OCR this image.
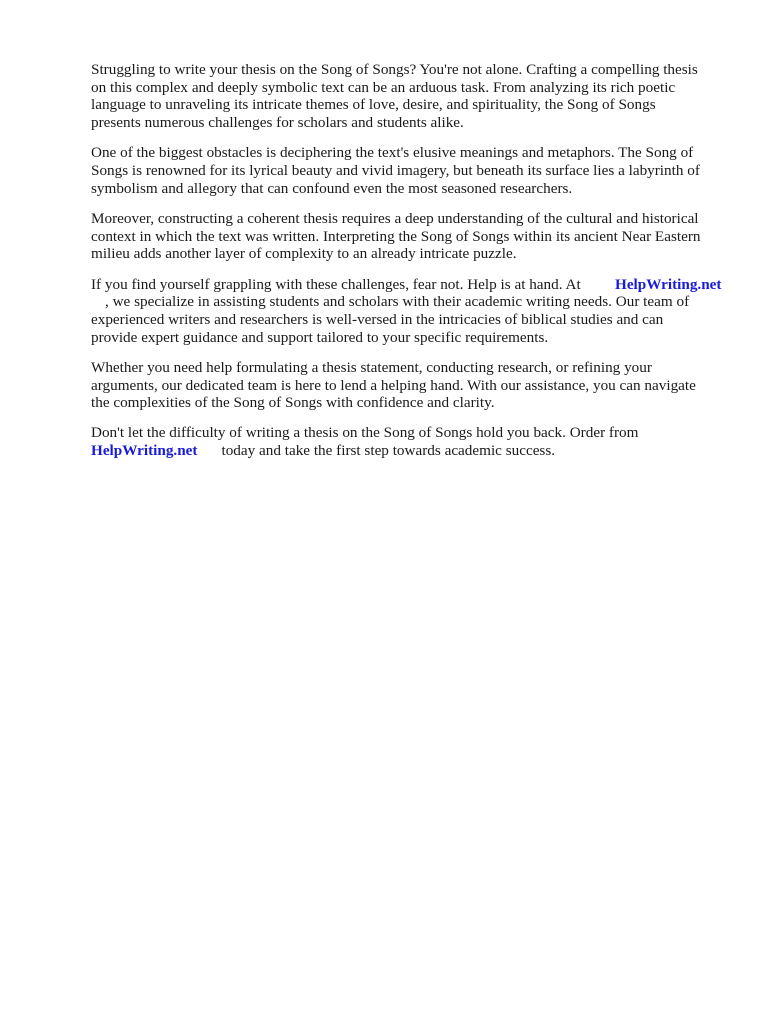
Struggling to write your thesis on the Song of Songs? You're not alone. Crafting a compelling thesis
on this complex and deeply symbolic text can be an arduous task. From analyzing its rich poetic
language to unraveling its intricate themes of love, desire, and spirituality, the Song of Songs
presents numerous challenges for scholars and students alike.

One of the biggest obstacles is deciphering the text's elusive meanings and metaphors. The Song of
Songs is renowned for its lyrical beauty and vivid imagery, but beneath its surface lies a labyrinth of
symbolism and allegory that can confound even the most seasoned researchers.

Moreover, constructing a coherent thesis requires a deep understanding of the cultural and historical
context in which the text was written. Interpreting the Song of Songs within its ancient Near Eastern
milieu adds another layer of complexity to an already intricate puzzle.

If you find yourself grappling with these challenges, fear not. Help is at hand. At HelpWriting.net
, we specialize in assisting students and scholars with their academic writing needs. Our team of
experienced writers and researchers is well-versed in the intricacies of biblical studies and can
provide expert guidance and support tailored to your specific requirements.

Whether you need help formulating a thesis statement, conducting research, or refining your
arguments, our dedicated team is here to lend a helping hand. With our assistance, you can navigate
the complexities of the Song of Songs with confidence and clarity.

Don't let the difficulty of writing a thesis on the Song of Songs hold you back. Order from
HelpWriting.net today and take the first step towards academic success.
